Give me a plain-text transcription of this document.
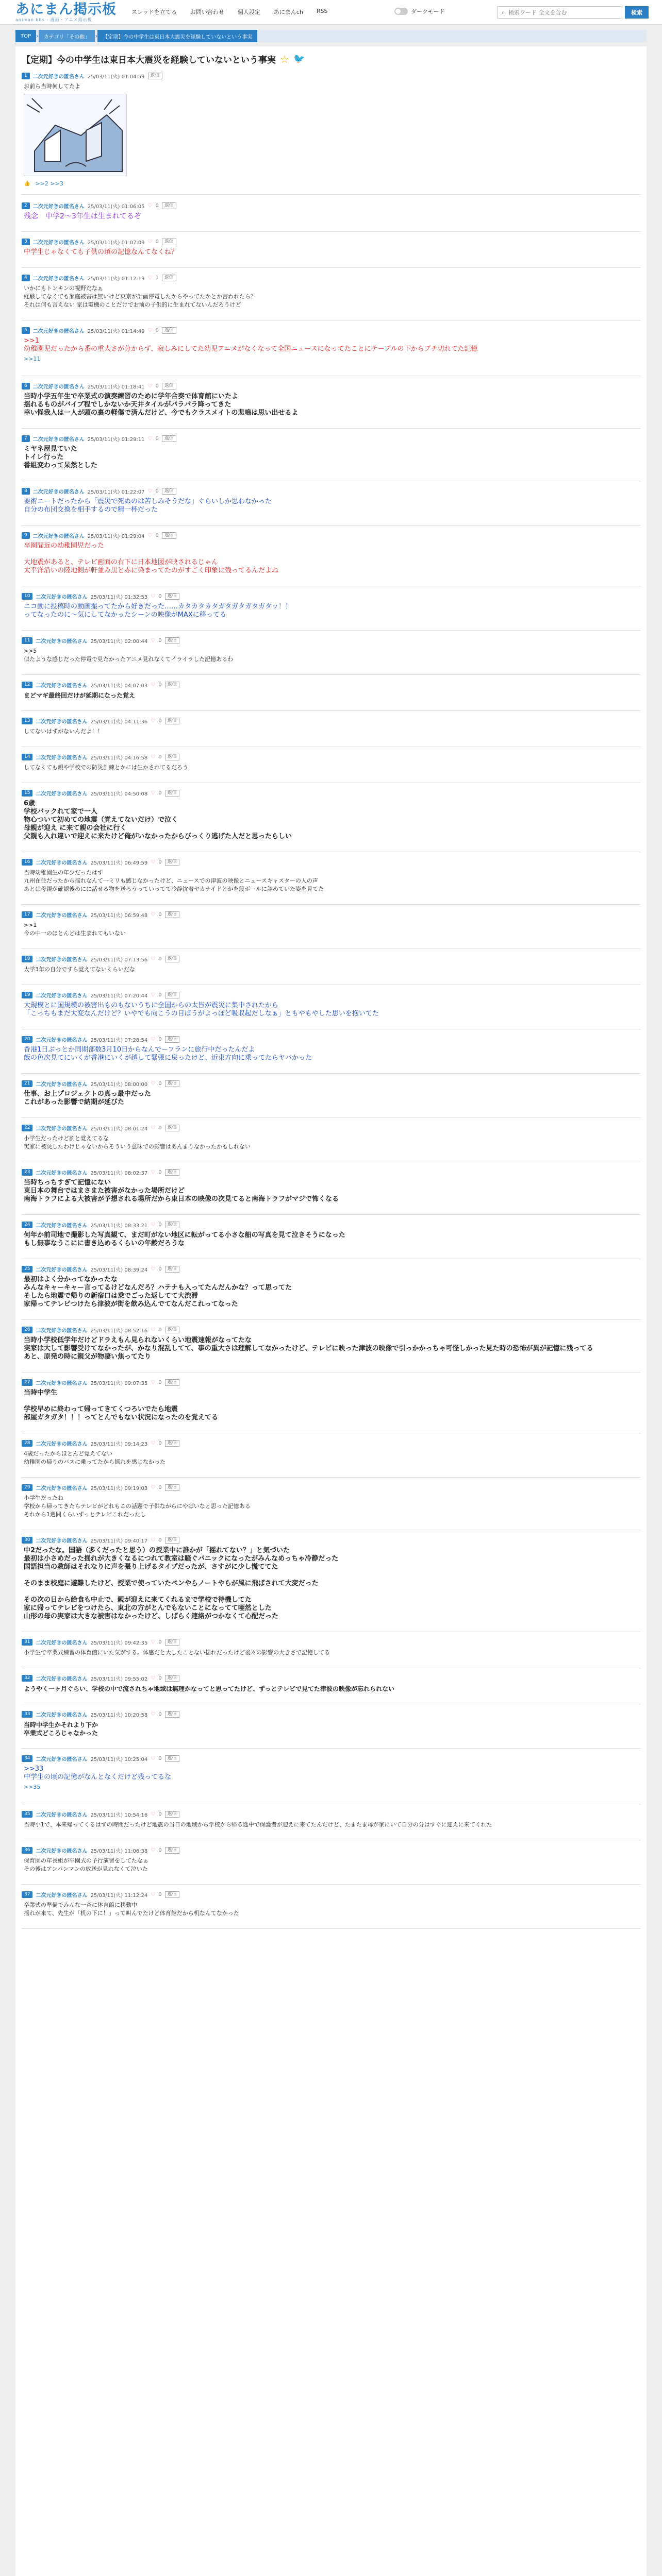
あにまん掲示板
animan bbs - 漫画・アニメ掲示板
スレッドを立てる お問い合わせ 個人設定 あにまんch RSS	ダークモード	⌕
検索ワード 全文を含む	検索
TOP ›	カテゴリ「その他」 ›	【定期】今の中学生は東日本大震災を経験していないという事実
【定期】今の中学生は東日本大震災を経験していないという事実 ☆ 🐦
1	二次元好きの匿名さん 25/03/11(火) 01:04:59	返信
お前ら当時何してたよ
👍 >>2 >>3
2	二次元好きの匿名さん 25/03/11(火) 01:06:05 ♡ 0	返信
残念　中学2〜3年生は生まれてるぞ
3	二次元好きの匿名さん 25/03/11(火) 01:07:09 ♡ 0	返信
中学生じゃなくても子供の頃の記憶なんてなくね？
4	二次元好きの匿名さん 25/03/11(火) 01:12:19 ♡ 1	返信
いかにもトンキンの視野だなぁ
経験してなくても家庭被害は無いけど東京が計画停電したからやってたかとか言われたら？
それは何も言えない 家は電機のことだけでお前の子供的に生まれてないんだろうけど
5	二次元好きの匿名さん 25/03/11(火) 01:14:49 ♡ 0	返信
>>1
幼稚園児だったから番の重大さが分からず、寂しみにしてた幼児アニメがなくなって全国ニュースになってたことにテーブルの下からブチ切れてた記憶
>>11
6	二次元好きの匿名さん 25/03/11(火) 01:18:41 ♡ 0	返信
当時小学五年生で卒業式の演奏練習のために学年合奏で体育館にいたよ
揺れるものがバイブ程でしかないか天井タイルがパラパラ降ってきた
幸い怪我人は一人が頭の裏の軽傷で済んだけど、今でもクラスメイトの悲鳴は思い出せるよ
7	二次元好きの匿名さん 25/03/11(火) 01:29:11 ♡ 0	返信
ミヤネ屋見ていた
トイレ行った
番組変わって呆然とした
8	二次元好きの匿名さん 25/03/11(火) 01:22:07 ♡ 0	返信
要術ニートだったから「震災で死ぬのは苦しみそうだな」ぐらいしか思わなかった
自分の布団交換を相手するので精一杯だった
9	二次元好きの匿名さん 25/03/11(火) 01:29:04 ♡ 0	返信
卒園間近の幼稚園児だった

大地震があると、テレビ画面の右下に日本地図が映されるじゃん
太平洋沿いの陸地側が軒並み黒と赤に染まってたのがすごく印象に残ってるんだよね
10	二次元好きの匿名さん 25/03/11(火) 01:32:53 ♡ 0	返信
ニコ動に投稿時の動画撮ってたから好きだった……カタカタカタガタガタガタガタッ！！
ってなったのに〜気にしてなかったシーンの映像がMAXに移ってる
11	二次元好きの匿名さん 25/03/11(火) 02:00:44 ♡ 0	返信
>>5
似たような感じだった停電で見たかったアニメ見れなくてイライラした記憶あるわ
12	二次元好きの匿名さん 25/03/11(火) 04:07:03 ♡ 0	返信
まどマギ最終回だけが延期になった覚え
13	二次元好きの匿名さん 25/03/11(火) 04:11:36 ♡ 0	返信
してないはずがないんだよ！！
14	二次元好きの匿名さん 25/03/11(火) 04:16:58 ♡ 0	返信
してなくても親や学校での防災訓練とかには生かされてるだろう
15	二次元好きの匿名さん 25/03/11(火) 04:50:08 ♡ 0	返信
6歳
学校バックれて家で一人
物心ついて初めての地震（覚えてないだけ）で泣く
母親が迎え に来て親の会社に行く
父親も入れ違いで迎えに来たけど俺がいなかったからびっくり逃げた人だと思ったらしい
16	二次元好きの匿名さん 25/03/11(火) 06:49:59 ♡ 0	返信
当時幼稚園生の年少だったはず
九州在住だったから揺れなんて一ミリも感じなかったけど、ニュースでの津波の映像とニュースキャスターの人の声
あとは母親が確認後めにに話せる物を送ろうっていってて冷静沈着ヤカナイドとかを段ボールに詰めていた姿を見てた
17	二次元好きの匿名さん 25/03/11(火) 06:59:48 ♡ 0	返信
>>1
今の中一のほとんどは生まれてもいない
18	二次元好きの匿名さん 25/03/11(火) 07:13:56 ♡ 0	返信
大学3年の自分ですら覚えてないくらいだな
19	二次元好きの匿名さん 25/03/11(火) 07:20:44 ♡ 0	返信
大規模とに国規模の被害出ものもないうちに全国からの太皆が震災に集中されたから
「こっちもまだ大変なんだけど？いやでも向こうの目ばうがよっぽど吸収起だしなぁ」ともやもやした思いを抱いてた
20	二次元好きの匿名さん 25/03/11(火) 07:28:54 ♡ 0	返信
香港1日ぶっとか同期部数3月10日からなんでーフランに旅行中だったんだよ
飯の色次見てにいくが香港にいくが越して緊張に戻ったけど、近東方向に乗ってたらヤバかった
21	二次元好きの匿名さん 25/03/11(火) 08:00:00 ♡ 0	返信
仕事、お上プロジェクトの真っ最中だった
これがあった影響で納期が延びた
22	二次元好きの匿名さん 25/03/11(火) 08:01:24 ♡ 0	返信
小学生だったけど割と覚えてるな
実家に被災したわけじゃないからそういう意味での影響はあんまりなかったかもしれない
23	二次元好きの匿名さん 25/03/11(火) 08:02:37 ♡ 0	返信
当時ちっちすぎて記憶にない
東日本の舞台ではまさまた被害がなかった場所だけど
南海トラフによる大被害が予想される場所だから東日本の映像の次見てると南海トラフがマジで怖くなる
24	二次元好きの匿名さん 25/03/11(火) 08:33:21 ♡ 0	返信
何年か前司地で撮影した写真観て、まだ町がない地区に転がってる小さな船の写真を見て泣きそうになった
もし無事なうこにに書き込めるくらいの年齢だろうな
25	二次元好きの匿名さん 25/03/11(火) 08:39:24 ♡ 0	返信
最初はよく分かってなかったな
みんなキャーキャー言ってるけどなんだろ？ハテナも入ってたんだんかな？って思ってた
そしたら地震で帰りの新宿口は乗でごった返してて大渋滞
家帰ってテレビつけたら津波が街を飲み込んでてなんだこれってなった
26	二次元好きの匿名さん 25/03/11(火) 08:52:16 ♡ 0	返信
当時小学校低学年だけどドラえもん見られないくらい地震速報がなってたな
実家は大して影響受けてなかったが、かなり混乱してて、事の重大さは理解してなかったけど、テレビに映った津波の映像で引っかかっちゃ可怪しかった見た時の恐怖が異が記憶に残ってる
あと、原発の時に親父が物凄い焦ってたり
27	二次元好きの匿名さん 25/03/11(火) 09:07:35 ♡ 0	返信
当時中学生

学校早めに終わって帰ってきてくつろいでたら地震
部屋ガタガタ！！！ってとんでもない状況になったのを覚えてる
28	二次元好きの匿名さん 25/03/11(火) 09:14:23 ♡ 0	返信
4歳だったからほとんど覚えてない
幼稚園の帰りのバスに乗ってたから揺れを感じなかった
29	二次元好きの匿名さん 25/03/11(火) 09:19:03 ♡ 0	返信
小学生だったね
学校から帰ってきたらテレビがどれもこの話題で子供ながらにやばいなと思った記憶ある
それから1週間くらいずっとテレビこれだったし
30	二次元好きの匿名さん 25/03/11(火) 09:40:17 ♡ 0	返信
中2だったな。国語（多くだったと思う）の授業中に誰かが「揺れてない？」と気づいた
最初は小さめだった揺れが大きくなるにつれて教室は騒ぐパニックになったがみんなめっちゃ冷静だった
国語担当の教師はそれなりに声を張り上げるタイプだったが、さすがに少し慌ててた

そのまま校庭に避難したけど、授業で使っていたペンやらノートやらが風に飛ばされて大変だった

その次の日から給食も中止で、親が迎えに来てくれるまで学校で待機してた
家に帰ってテレビをつけたら、東北の方がとんでもないことになってて唖然とした
山形の母の実家は大きな被害はなかったけど、しばらく連絡がつかなくて心配だった
31	二次元好きの匿名さん 25/03/11(火) 09:42:35 ♡ 0	返信
小学生で卒業式練習の体育館にいた気がする。体感だと大したことない揺れだったけど後々の影響の大きさで記憶してる
32	二次元好きの匿名さん 25/03/11(火) 09:55:02 ♡ 0	返信
ようやく一ヶ月ぐらい、学校の中で流されちゃ地域は無理かなってと思ってたけど、ずっとテレビで見てた津波の映像が忘れられない
33	二次元好きの匿名さん 25/03/11(火) 10:20:58 ♡ 0	返信
当時中学生かそれより下か
卒業式どころじゃなかった
34	二次元好きの匿名さん 25/03/11(火) 10:25:04 ♡ 0	返信
>>33
中学生の頃の記憶がなんとなくだけど残ってるな
>>35
35	二次元好きの匿名さん 25/03/11(火) 10:54:16 ♡ 0	返信
当時小1で、本来帰ってくるはずの時間だったけど地震の当日の地域から学校から帰る途中で保護者が迎えに来てたんだけど、たまたま母が家にいて自分の分はすぐに迎えに来てくれた
36	二次元好きの匿名さん 25/03/11(火) 11:06:38 ♡ 0	返信
保育園の年長組が卒園式の予行演習をしてたなぁ
その後はアンパンマンの放送が見れなくて泣いた
37	二次元好きの匿名さん 25/03/11(火) 11:12:24 ♡ 0	返信
卒業式の準備でみんな一斉に体育館に移動中
揺れが来て、先生が「机の下に！」って叫んでたけど体育館だから机なんてなかった
